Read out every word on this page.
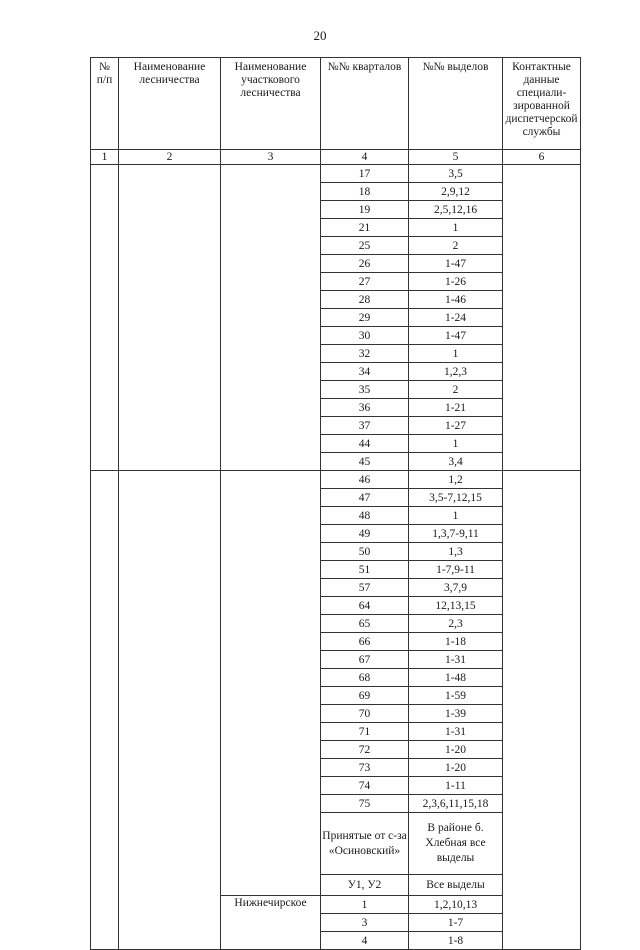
20
№ п/п	Наименование лесничества	Наименование участкового лесничества	№№ кварталов	№№ выделов	Контактные данные специали-зированной диспетчерской службы
1	2	3	4	5	6
			17	3,5	
			18	2,9,12	
			19	2,5,12,16	
			21	1	
			25	2	
			26	1-47	
			27	1-26	
			28	1-46	
			29	1-24	
			30	1-47	
			32	1	
			34	1,2,3	
			35	2	
			36	1-21	
			37	1-27	
			44	1	
			45	3,4	
			46	1,2	
			47	3,5-7,12,15	
			48	1	
			49	1,3,7-9,11	
			50	1,3	
			51	1-7,9-11	
			57	3,7,9	
			64	12,13,15	
			65	2,3	
			66	1-18	
			67	1-31	
			68	1-48	
			69	1-59	
			70	1-39	
			71	1-31	
			72	1-20	
			73	1-20	
			74	1-11	
			75	2,3,6,11,15,18	
			Принятые от с-за «Осиновский»	В районе б. Хлебная все выделы	
			У1, У2	Все выделы	
		Нижнечирское	1	1,2,10,13	
			3	1-7	
			4	1-8	
